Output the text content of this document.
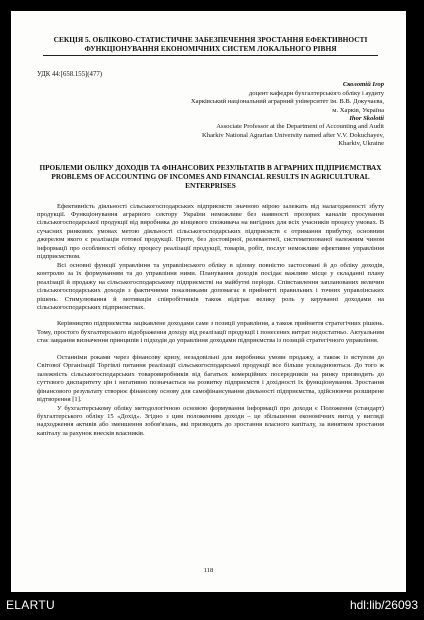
СЕКЦІЯ 5. ОБЛІКОВО-СТАТИСТИЧНЕ ЗАБЕЗПЕЧЕННЯ ЗРОСТАННЯ ЕФЕКТИВНОСТІ ФУНКЦІОНУВАННЯ ЕКОНОМІЧНИХ СИСТЕМ ЛОКАЛЬНОГО РІВНЯ
УДК 44:[658.155](477)
Сколотій Ігор
доцент кафедри бухгалтерського обліку і аудиту
Харківський національний аграрний університет ім. В.В. Докучаєва,
м. Харків, Україна
Ihor Skolotii
Associate Professor at the Department of Accounting and Audit
Kharkiv National Agrarian University named after V.V. Dokuchayev,
Kharkiv, Ukraine
ПРОБЛЕМИ ОБЛІКУ ДОХОДІВ ТА ФІНАНСОВИХ РЕЗУЛЬТАТІВ В АГРАРНИХ ПІДПРИЄМСТВАХ
PROBLEMS OF ACCOUNTING OF INCOMES AND FINANCIAL RESULTS IN AGRICULTURAL ENTERPRISES

Ефективність діяльності сільськогосподарських підприємств значною мірою залежать від налагодженості збуту продукції. Функціонування аграрного сектору України неможливе без наявності прозорих каналів просування сільськогосподарської продукції від виробника до кінцевого споживача на вигідних для всіх учасників процесу умовах. В сучасних ринкових умовах метою діяльності сільськогосподарських підприємств є отримання прибутку, основним джерелом якого є реалізація готової продукції. Проте, без достовірної, релевантної, систематизованої належним чином інформації про особливості обліку процесу реалізації продукції, товарів, робіт, послуг неможливе ефективне управління підприємством.

Всі основні функції управління та управлінського обліку в цілому повністю застосовані й до обліку доходів, контролю за їх формуванням та до управління ними. Планування доходів посідає важливе місце у складанні плану реалізації й продажу на сільськогосподарському підприємстві на майбутні періоди. Співставлення запланованих величин сільськогосподарських доходів з фактичними показниками допомагає в прийнятті правильних і точних управлінських рішень. Стимулювання й мотивація співробітників також відіграє велику роль у керуванні доходами на сільськогосподарських підприємствах.

Керівництво підприємства зацікавлене доходами саме з позиції управління, а також прийняття стратегічних рішень. Тому, простого бухгалтерського відображення доходу від реалізації продукції і понесених витрат недостатньо. Актуальним стає завдання визначення принципів і підходів до управління доходами підприємства із позицій стратегічного управління.

Останніми роками через фінансову кризу, незадовільні для виробника умови продажу, а також із вступом до Світової Організації Торгівлі питання реалізації сільськогосподарської продукції все більше ускладнюються. До того ж залежність сільськогосподарських товаровиробників від багатьох комерційних посередників на ринку призводить до суттєвого диспаритету цін і негативно позначається на розвитку підприємств і дохідності їх функціонування. Зростання фінансового результату створює фінансову основу для самофінансування діяльності підприємства, здійснюючи розширене відтворення [1].

У бухгалтерському обліку методологічною основою формування інформації про доходи є Положення (стандарт) бухгалтерського обліку 15 «Дохід». Згідно з цим положенням доходи – це збільшення економічних вигод у вигляді надходження активів або зменшення зобов'язань, які призводять до зростання власного капіталу, за винятком зростання капіталу за рахунок внесків власників.

118
ELARTU	hdl:lib/26093
